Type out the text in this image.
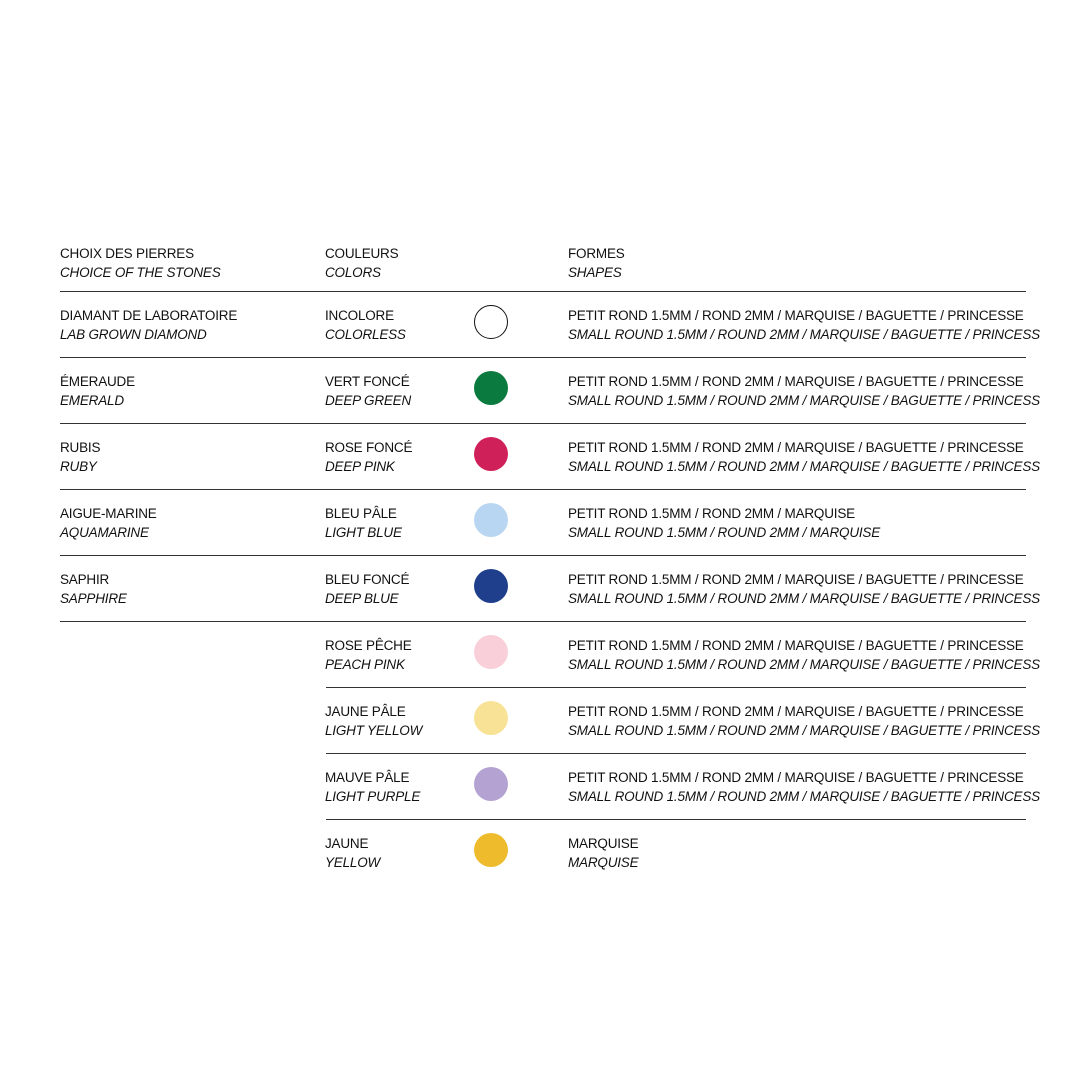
CHOIX DES PIERRES
CHOICE OF THE STONES
COULEURS
COLORS
FORMES
SHAPES
DIAMANT DE LABORATOIRE
LAB GROWN DIAMOND
INCOLORE
COLORLESS
PETIT ROND 1.5MM / ROND 2MM / MARQUISE / BAGUETTE / PRINCESSE
SMALL ROUND 1.5MM / ROUND 2MM / MARQUISE / BAGUETTE / PRINCESS
ÉMERAUDE
EMERALD
VERT FONCÉ
DEEP GREEN
PETIT ROND 1.5MM / ROND 2MM / MARQUISE / BAGUETTE / PRINCESSE
SMALL ROUND 1.5MM / ROUND 2MM / MARQUISE / BAGUETTE / PRINCESS
RUBIS
RUBY
ROSE FONCÉ
DEEP PINK
PETIT ROND 1.5MM / ROND 2MM / MARQUISE / BAGUETTE / PRINCESSE
SMALL ROUND 1.5MM / ROUND 2MM / MARQUISE / BAGUETTE / PRINCESS
AIGUE-MARINE
AQUAMARINE
BLEU PÂLE
LIGHT BLUE
PETIT ROND 1.5MM / ROND 2MM / MARQUISE
SMALL ROUND 1.5MM / ROUND 2MM / MARQUISE
SAPHIR
SAPPHIRE
BLEU FONCÉ
DEEP BLUE
PETIT ROND 1.5MM / ROND 2MM / MARQUISE / BAGUETTE / PRINCESSE
SMALL ROUND 1.5MM / ROUND 2MM / MARQUISE / BAGUETTE / PRINCESS
ROSE PÊCHE
PEACH PINK
PETIT ROND 1.5MM / ROND 2MM / MARQUISE / BAGUETTE / PRINCESSE
SMALL ROUND 1.5MM / ROUND 2MM / MARQUISE / BAGUETTE / PRINCESS
JAUNE PÂLE
LIGHT YELLOW
PETIT ROND 1.5MM / ROND 2MM / MARQUISE / BAGUETTE / PRINCESSE
SMALL ROUND 1.5MM / ROUND 2MM / MARQUISE / BAGUETTE / PRINCESS
MAUVE PÂLE
LIGHT PURPLE
PETIT ROND 1.5MM / ROND 2MM / MARQUISE / BAGUETTE / PRINCESSE
SMALL ROUND 1.5MM / ROUND 2MM / MARQUISE / BAGUETTE / PRINCESS
JAUNE
YELLOW
MARQUISE
MARQUISE
